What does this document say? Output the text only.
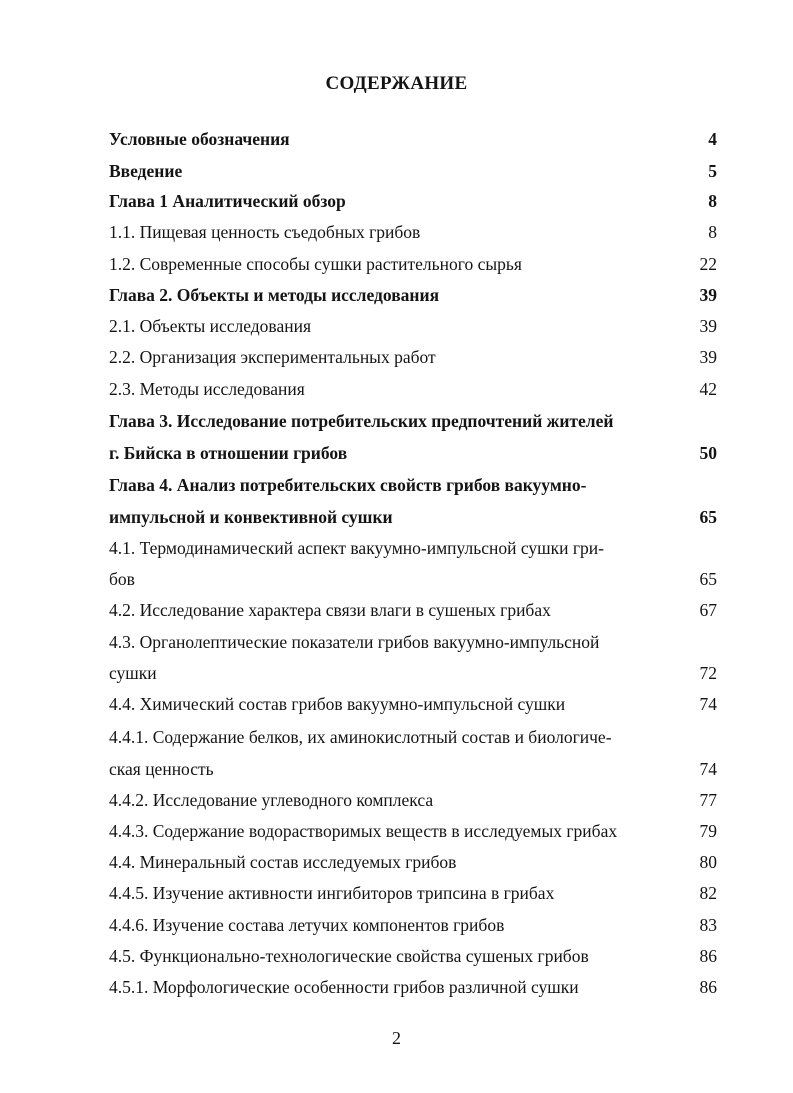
СОДЕРЖАНИЕ
Условные обозначения	4
Введение	5
Глава 1 Аналитический обзор	8
1.1. Пищевая ценность съедобных грибов	8
1.2. Современные способы сушки растительного сырья	22
Глава 2. Объекты и методы исследования	39
2.1. Объекты исследования	39
2.2. Организация экспериментальных работ	39
2.3. Методы исследования	42
Глава 3. Исследование потребительских предпочтений жителей
г. Бийска в отношении грибов	50
Глава 4. Анализ потребительских свойств грибов вакуумно-
импульсной и конвективной сушки	65
4.1. Термодинамический аспект вакуумно-импульсной сушки гри-
бов	65
4.2. Исследование характера связи влаги в сушеных грибах	67
4.3. Органолептические показатели грибов вакуумно-импульсной
сушки	72
4.4. Химический состав грибов вакуумно-импульсной сушки	74
4.4.1. Содержание белков, их аминокислотный состав и биологиче-
ская ценность	74
4.4.2. Исследование углеводного комплекса	77
4.4.3. Содержание водорастворимых веществ в исследуемых грибах	79
4.4. Минеральный состав исследуемых грибов	80
4.4.5. Изучение активности ингибиторов трипсина в грибах	82
4.4.6. Изучение состава летучих компонентов грибов	83
4.5. Функционально-технологические свойства сушеных грибов	86
4.5.1. Морфологические особенности грибов различной сушки	86
2
